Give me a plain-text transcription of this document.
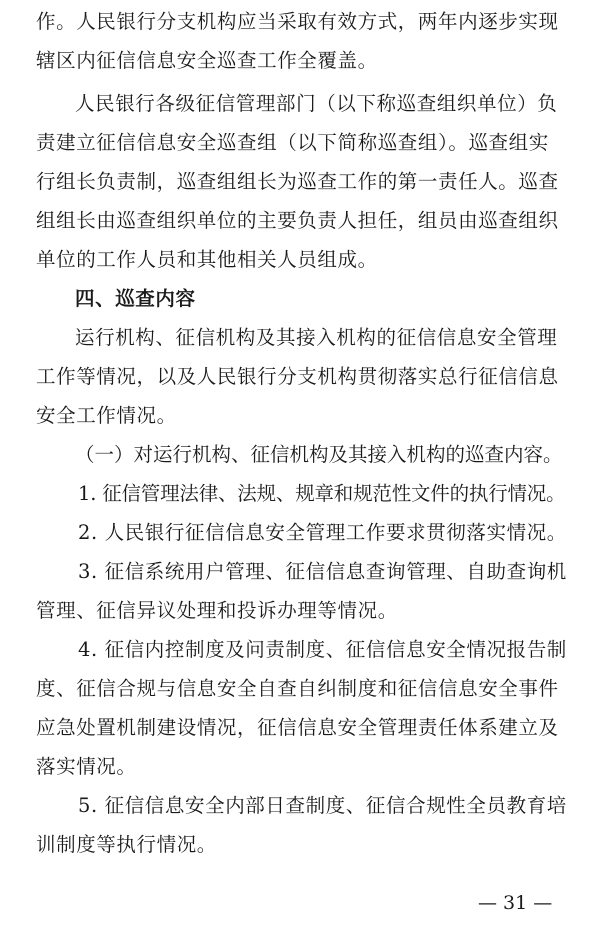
作。人民银行分支机构应当采取有效方式，两年内逐步实现
辖区内征信信息安全巡查工作全覆盖。
人民银行各级征信管理部门（以下称巡查组织单位）负
责建立征信信息安全巡查组（以下简称巡查组）。巡查组实
行组长负责制，巡查组组长为巡查工作的第一责任人。巡查
组组长由巡查组织单位的主要负责人担任，组员由巡查组织
单位的工作人员和其他相关人员组成。
四、巡查内容
运行机构、征信机构及其接入机构的征信信息安全管理
工作等情况，以及人民银行分支机构贯彻落实总行征信信息
安全工作情况。
（一）对运行机构、征信机构及其接入机构的巡查内容。
1. 征信管理法律、法规、规章和规范性文件的执行情况。
2. 人民银行征信信息安全管理工作要求贯彻落实情况。
3. 征信系统用户管理、征信信息查询管理、自助查询机
管理、征信异议处理和投诉办理等情况。
4. 征信内控制度及问责制度、征信信息安全情况报告制
度、征信合规与信息安全自查自纠制度和征信信息安全事件
应急处置机制建设情况，征信信息安全管理责任体系建立及
落实情况。
5. 征信信息安全内部日查制度、征信合规性全员教育培
训制度等执行情况。
— 31 —
